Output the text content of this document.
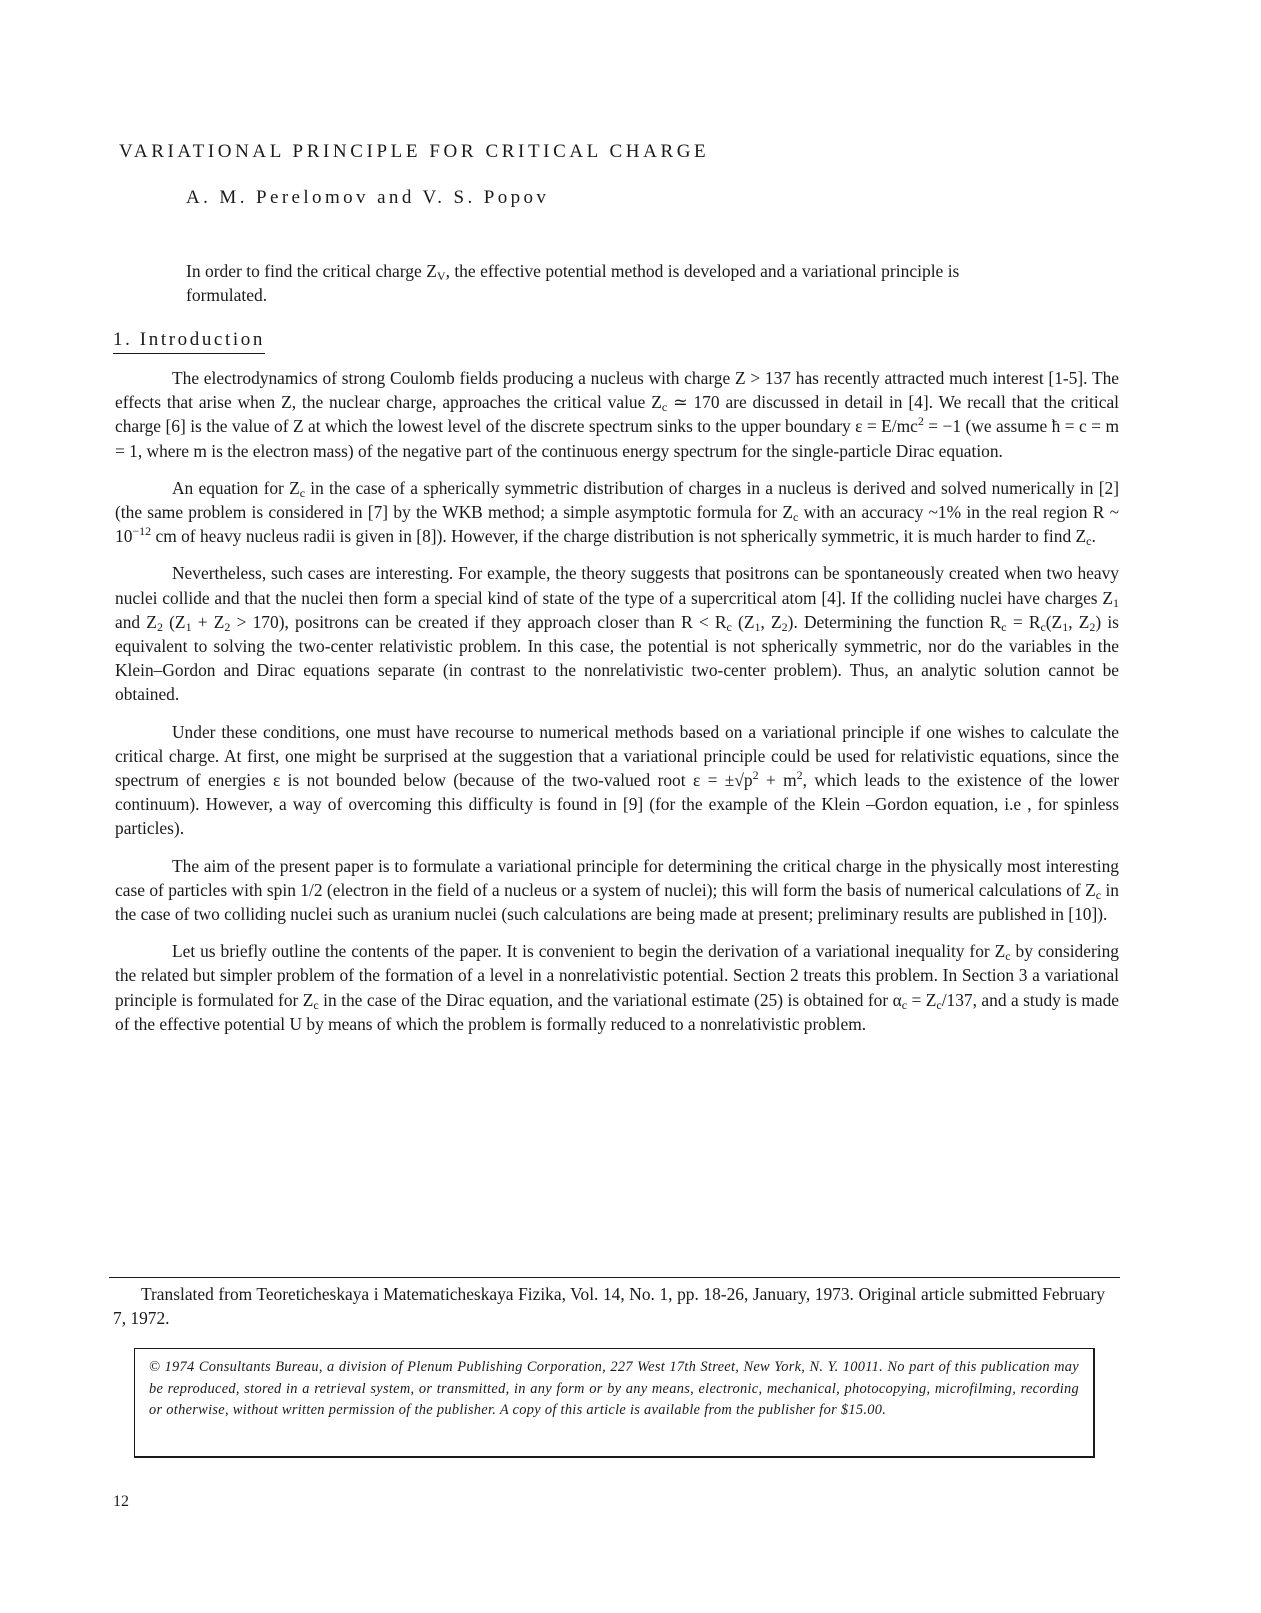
VARIATIONAL PRINCIPLE FOR CRITICAL CHARGE
A. M. Perelomov and V. S. Popov
In order to find the critical charge $Z_V$, the effective potential method is developed and a variational principle is formulated.
1. Introduction

The electrodynamics of strong Coulomb fields producing a nucleus with charge Z > 137 has recently attracted much interest [1-5]. The effects that arise when Z, the nuclear charge, approaches the critical value $Z_c$ ≃ 170 are discussed in detail in [4]. We recall that the critical charge [6] is the value of Z at which the lowest level of the discrete spectrum sinks to the upper boundary $\varepsilon = E/mc^2 = -1$ (we assume ħ = c = m = 1, where m is the electron mass) of the negative part of the continuous energy spectrum for the single-particle Dirac equation.

An equation for $Z_c$ in the case of a spherically symmetric distribution of charges in a nucleus is derived and solved numerically in [2] (the same problem is considered in [7] by the WKB method; a simple asymptotic formula for $Z_c$ with an accuracy ~1% in the real region R ~ $10^{-12}$ cm of heavy nucleus radii is given in [8]). However, if the charge distribution is not spherically symmetric, it is much harder to find $Z_c$.

Nevertheless, such cases are interesting. For example, the theory suggests that positrons can be spontaneously created when two heavy nuclei collide and that the nuclei then form a special kind of state of the type of a supercritical atom [4]. If the colliding nuclei have charges $Z_1$ and $Z_2$ $(Z_1 + Z_2 > 170)$, positrons can be created if they approach closer than $R < R_c$ ($Z_1$, $Z_2$). Determining the function $R_c = R_c(Z_1$, $Z_2$) is equivalent to solving the two-center relativistic problem. In this case, the potential is not spherically symmetric, nor do the variables in the Klein–Gordon and Dirac equations separate (in contrast to the nonrelativistic two-center problem). Thus, an analytic solution cannot be obtained.

Under these conditions, one must have recourse to numerical methods based on a variational principle if one wishes to calculate the critical charge. At first, one might be surprised at the suggestion that a variational principle could be used for relativistic equations, since the spectrum of energies ε is not bounded below (because of the two-valued root $\varepsilon = \pm√p^2 + m^2$, which leads to the existence of the lower continuum). However, a way of overcoming this difficulty is found in [9] (for the example of the Klein –Gordon equation, i.e , for spinless particles).

The aim of the present paper is to formulate a variational principle for determining the critical charge in the physically most interesting case of particles with spin 1/2 (electron in the field of a nucleus or a system of nuclei); this will form the basis of numerical calculations of $Z_c$ in the case of two colliding nuclei such as uranium nuclei (such calculations are being made at present; preliminary results are published in [10]).

Let us briefly outline the contents of the paper. It is convenient to begin the derivation of a variational inequality for $Z_c$ by considering the related but simpler problem of the formation of a level in a nonrelativistic potential. Section 2 treats this problem. In Section 3 a variational principle is formulated for $Z_c$ in the case of the Dirac equation, and the variational estimate (25) is obtained for $\alpha_c = Z_c/137$, and a study is made of the effective potential U by means of which the problem is formally reduced to a nonrelativistic problem.

Translated from Teoreticheskaya i Matematicheskaya Fizika, Vol. 14, No. 1, pp. 18-26, January, 1973. Original article submitted February 7, 1972.
© 1974 Consultants Bureau, a division of Plenum Publishing Corporation, 227 West 17th Street, New York, N. Y. 10011. No part of this publication may be reproduced, stored in a retrieval system, or transmitted, in any form or by any means, electronic, mechanical, photocopying, microfilming, recording or otherwise, without written permission of the publisher. A copy of this article is available from the publisher for $15.00.
12
